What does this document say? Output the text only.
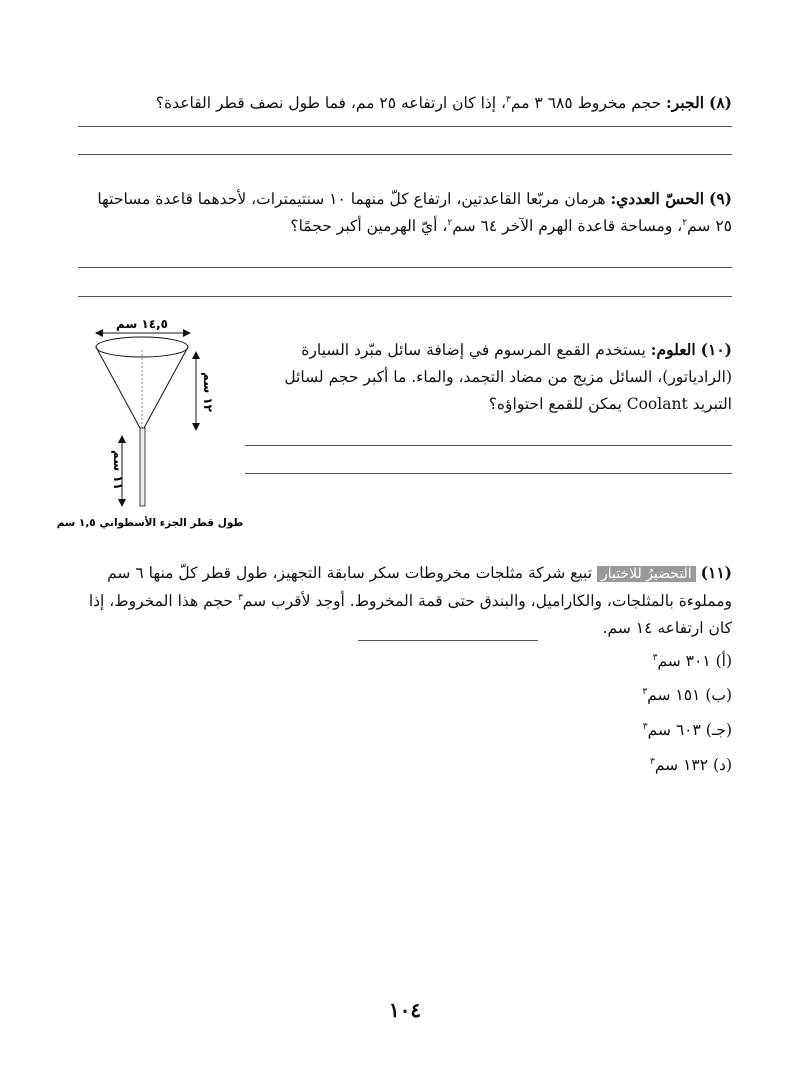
(٨) الجبر: حجم مخروط ٦٨٥ ٣ مم$^٣$، إذا كان ارتفاعه ٢٥ مم، فما طول نصف قطر القاعدة؟
(٩) الحسّ العددي: هرمان مربّعا القاعدتين، ارتفاع كلّ منهما ١٠ سنتيمترات، لأحدهما قاعدة مساحتها ٢٥ سم$^٢$، ومساحة قاعدة الهرم الآخر ٦٤ سم$^٢$، أيّ الهرمين أكبر حجمًا؟
١٤,٥ سم
١٢ سم
١١ سم
طول قطر الجزء الأسطواني ١,٥ سم
(١٠) العلوم: يستخدم القمع المرسوم في إضافة سائل مبّرد السيارة (الرادياتور)، السائل مزيج من مضاد التجمد، والماء. ما أكبر حجم لسائل التبريد Coolant يمكن للقمع احتواؤه؟
(١١) التحضيرُ للاختبار تبيع شركة مثلجات مخروطات سكر سابقة التجهيز، طول قطر كلّ منها ٦ سم ومملوءة بالمثلجات، والكاراميل، والبندق حتى قمة المخروط. أوجد لأقرب سم$^٣$ حجم هذا المخروط، إذا كان ارتفاعه ١٤ سم.
(أ) ٣٠١ سم$^٣$
(ب) ١٥١ سم$^٣$
(جـ) ٦٠٣ سم$^٣$
(د) ١٣٢ سم$^٣$
١٠٤
